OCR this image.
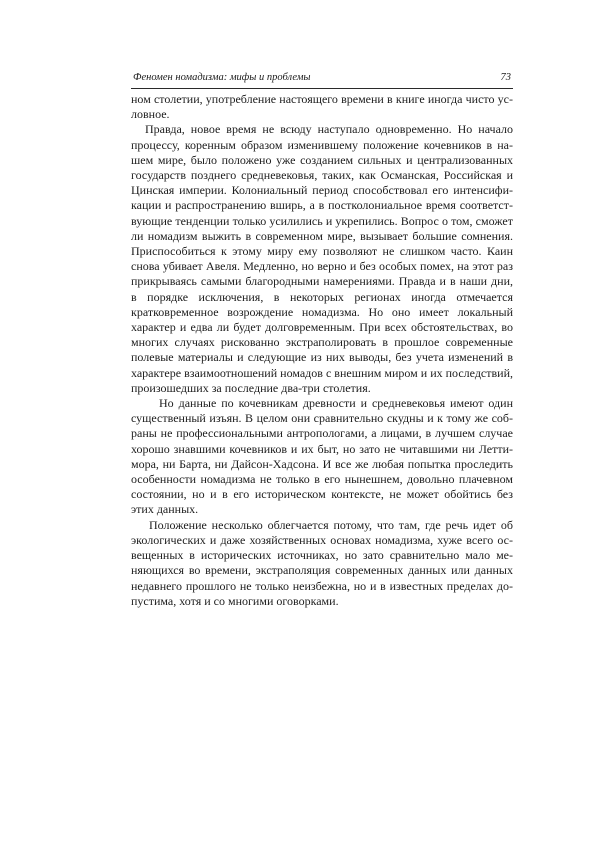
Феномен номадизма: мифы и проблемы	73

ном столетии, употребление настоящего времени в книге иногда чисто условное.

Правда, новое время не всюду наступало одновременно. Но начало процессу, коренным образом изменившему положение кочевников в нашем мире, было положено уже созданием сильных и централизованных государств позднего средневековья, таких, как Османская, Российская и Цинская империи. Колониальный период способствовал его интенсификации и распространению вширь, а в постколониальное время соответствующие тенденции только усилились и укрепились. Вопрос о том, сможет ли номадизм выжить в современном мире, вызывает большие сомнения. Приспособиться к этому миру ему позволяют не слишком часто. Каин снова убивает Авеля. Медленно, но верно и без особых помех, на этот раз прикрываясь самыми благородными намерениями. Правда и в наши дни, в порядке исключения, в некоторых регионах иногда отмечается кратковременное возрождение номадизма. Но оно имеет локальный характер и едва ли будет долговременным. При всех обстоятельствах, во многих случаях рискованно экстраполировать в прошлое современные полевые материалы и следующие из них выводы, без учета изменений в характере взаимоотношений номадов с внешним миром и их последствий, произошедших за последние два-три столетия.

Но данные по кочевникам древности и средневековья имеют один существенный изъян. В целом они сравнительно скудны и к тому же собраны не профессиональными антропологами, а лицами, в лучшем случае хорошо знавшими кочевников и их быт, но зато не читавшими ни Леттимора, ни Барта, ни Дайсон-Хадсона. И все же любая попытка проследить особенности номадизма не только в его нынешнем, довольно плачевном состоянии, но и в его историческом контексте, не может обойтись без этих данных.

Положение несколько облегчается потому, что там, где речь идет об экологических и даже хозяйственных основах номадизма, хуже всего освещенных в исторических источниках, но зато сравнительно мало меняющихся во времени, экстраполяция современных данных или данных недавнего прошлого не только неизбежна, но и в известных пределах допустима, хотя и со многими оговорками.
